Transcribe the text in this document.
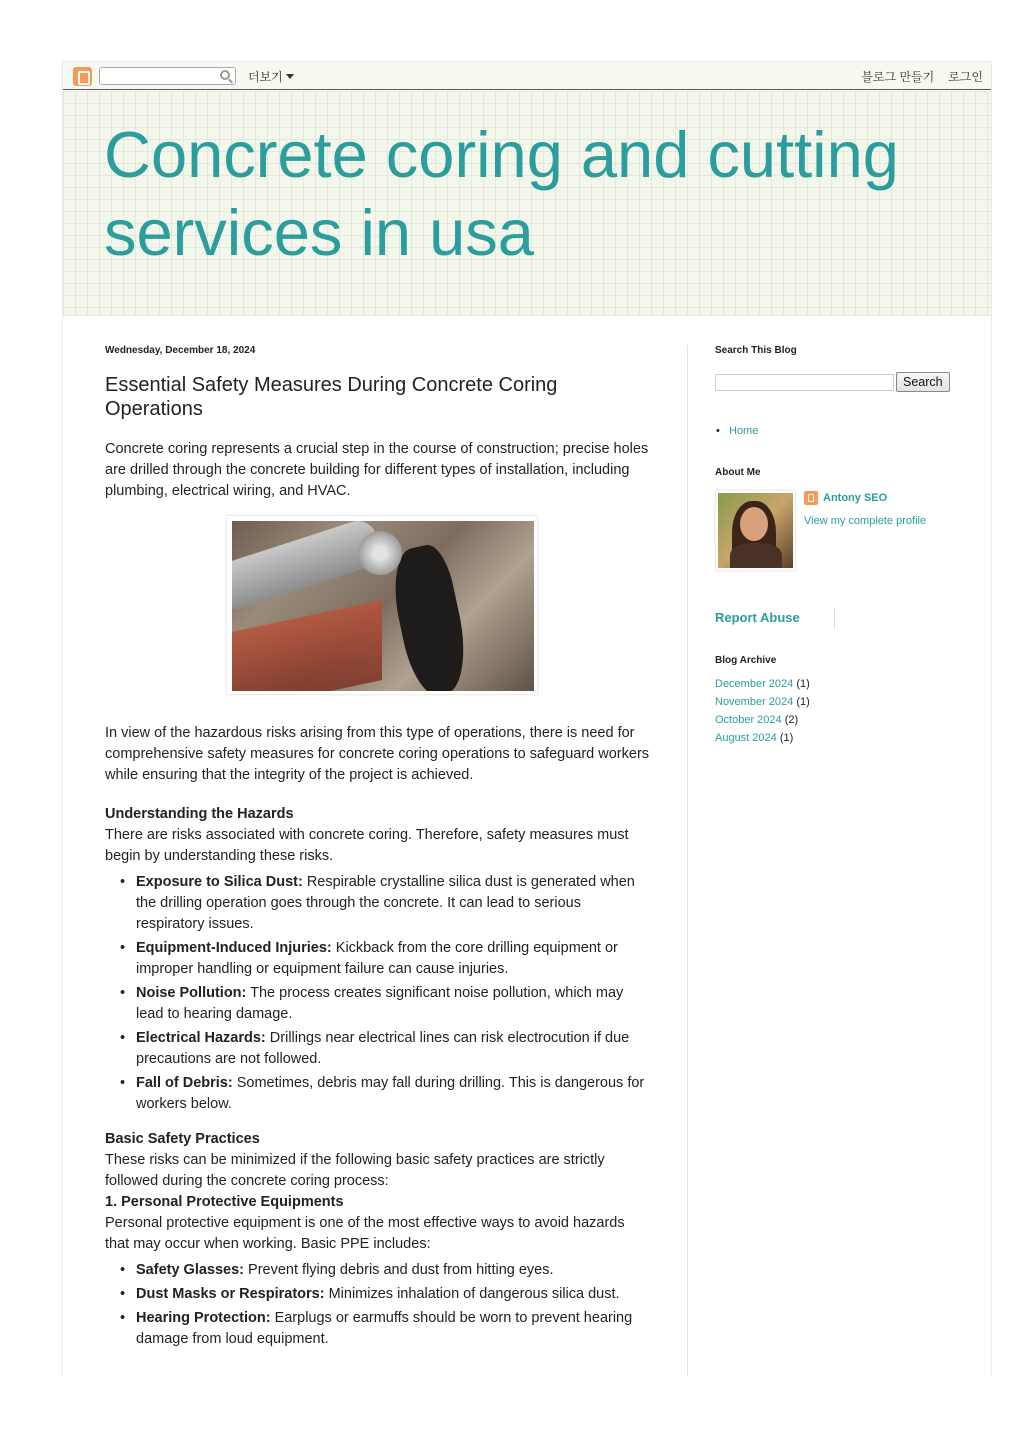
더보기	블로그 만들기 로그인
Concrete coring and cutting services in usa
Wednesday, December 18, 2024
Essential Safety Measures During Concrete Coring Operations

Concrete coring represents a crucial step in the course of construction; precise holes are drilled through the concrete building for different types of installation, including plumbing, electrical wiring, and HVAC.

In view of the hazardous risks arising from this type of operations, there is need for comprehensive safety measures for concrete coring operations to safeguard workers while ensuring that the integrity of the project is achieved.

Understanding the Hazards

There are risks associated with concrete coring. Therefore, safety measures must begin by understanding these risks.

• Exposure to Silica Dust: Respirable crystalline silica dust is generated when the drilling operation goes through the concrete. It can lead to serious respiratory issues.
• Equipment-Induced Injuries: Kickback from the core drilling equipment or improper handling or equipment failure can cause injuries.
• Noise Pollution: The process creates significant noise pollution, which may lead to hearing damage.
• Electrical Hazards: Drillings near electrical lines can risk electrocution if due precautions are not followed.
• Fall of Debris: Sometimes, debris may fall during drilling. This is dangerous for workers below.
Basic Safety Practices

These risks can be minimized if the following basic safety practices are strictly followed during the concrete coring process:

1. Personal Protective Equipments

Personal protective equipment is one of the most effective ways to avoid hazards that may occur when working. Basic PPE includes:

• Safety Glasses: Prevent flying debris and dust from hitting eyes.
• Dust Masks or Respirators: Minimizes inhalation of dangerous silica dust.
• Hearing Protection: Earplugs or earmuffs should be worn to prevent hearing damage from loud equipment.
Search This Blog
Search
• Home
About Me
Antony SEO
View my complete profile
Report Abuse
Blog Archive
December 2024 (1)
November 2024 (1)
October 2024 (2)
August 2024 (1)
